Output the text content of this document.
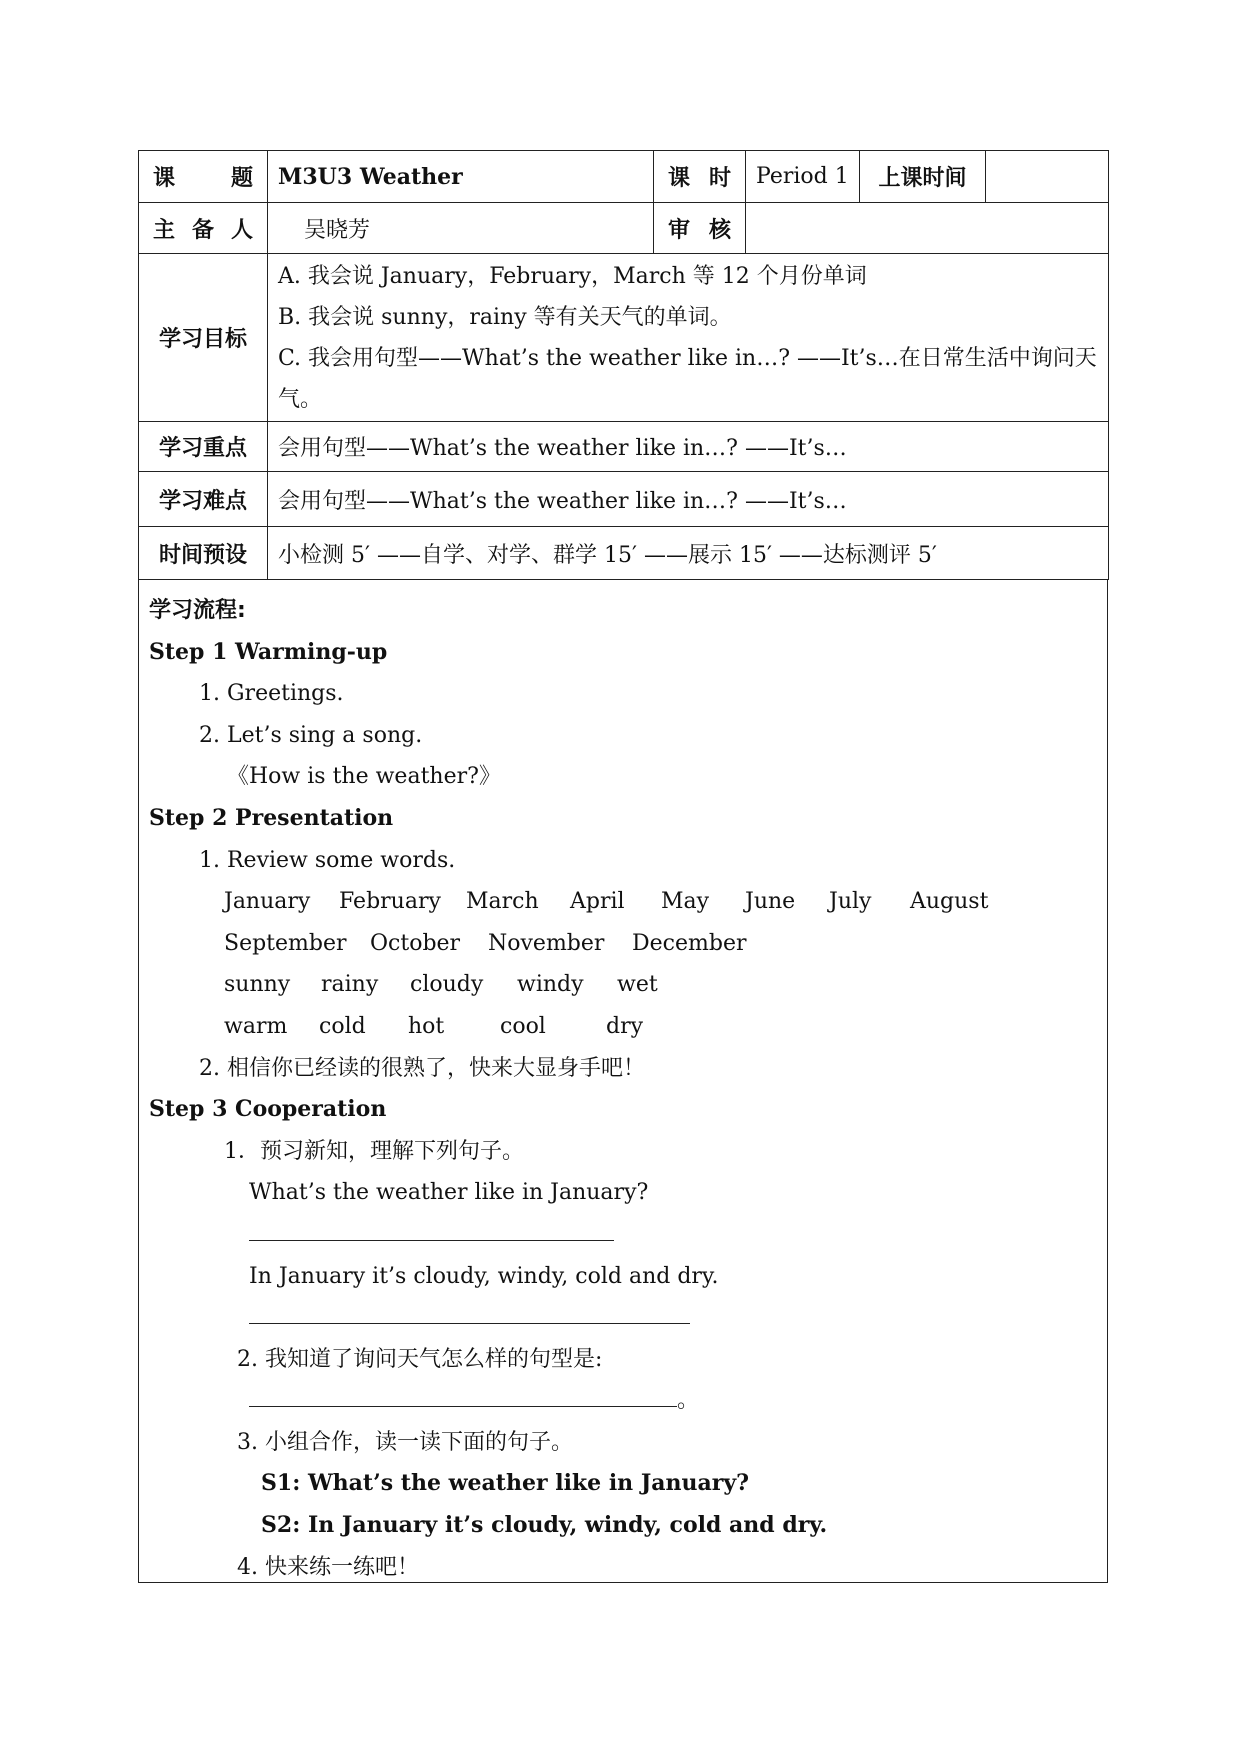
课 题	M3U3 Weather	课 时	Period 1	上课时间	
主 备 人	吴晓芳	审 核			
学习目标	A. 我会说 January，February，March 等 12 个月份单词
B. 我会说 sunny，rainy 等有关天气的单词。
C. 我会用句型——What’s the weather like in…? ——It’s…在日常生活中询问天气。				

学习重点	会用句型——What’s the weather like in…? ——It’s…				
学习难点	会用句型——What’s the weather like in…? ——It’s…				
时间预设	小检测 5′ ——自学、对学、群学 15′ ——展示 15′ ——达标测评 5′				
学习流程:
Step 1 Warming-up
1. Greetings.
2. Let’s sing a song.
《How is the weather?》
Step 2 Presentation
1. Review some words.
January	February	March	April	May	June	July	August
September	October	November	December
sunny	rainy	cloudy	windy	wet
warm	cold	hot	cool	dry
2. 相信你已经读的很熟了，快来大显身手吧！
Step 3 Cooperation
1．预习新知，理解下列句子。
What’s the weather like in January?
In January it’s cloudy, windy, cold and dry.
2. 我知道了询问天气怎么样的句型是:
。
3. 小组合作，读一读下面的句子。
S1: What’s the weather like in January?
S2: In January it’s cloudy, windy, cold and dry.
4. 快来练一练吧！
